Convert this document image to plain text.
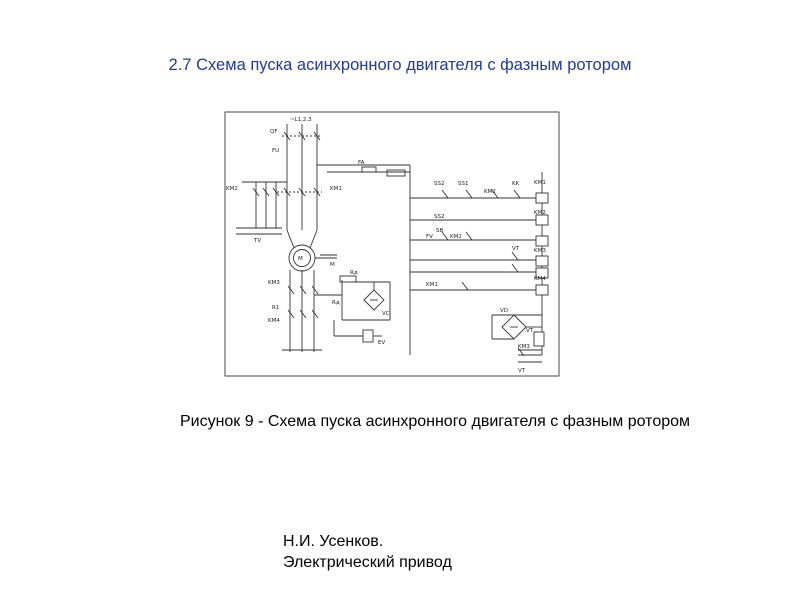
2.7 Схема пуска асинхронного двигателя с фазным ротором
~L1,2,3
QF
FU
FA
KM2	KM1
TV
M
M
KM3
R1
KM4
Rд
Rд
VC
EV
SS2 SS1	KK
KM2
KM1
SS2
SB
KM2
FV	KM2
VT	KM3
KM4
KM1
VD
VT
KM3
VT
Рисунок 9 - Схема пуска асинхронного двигателя с фазным ротором
Н.И. Усенков.
Электрический привод
